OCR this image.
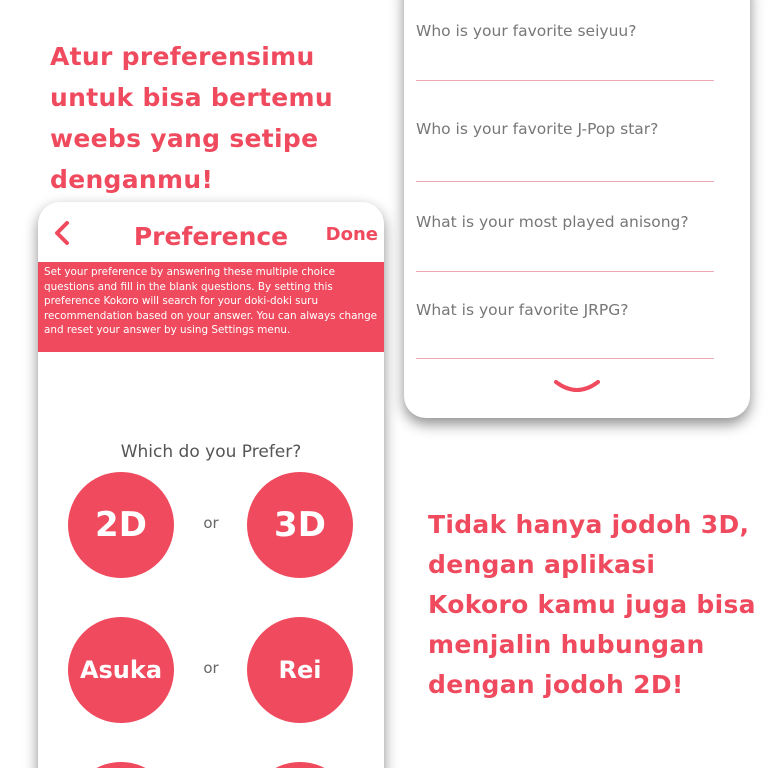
Atur preferensimu untuk bisa bertemu weebs yang setipe denganmu!
Tidak hanya jodoh 3D, dengan aplikasi Kokoro kamu juga bisa menjalin hubungan dengan jodoh 2D!
Who is your favorite seiyuu?
Who is your favorite J-Pop star?
What is your most played anisong?
What is your favorite JRPG?
Preference	Done
Set your preference by answering these multiple choice questions and fill in the blank questions. By setting this preference Kokoro will search for your doki-doki suru recommendation based on your answer. You can always change and reset your answer by using Settings menu.
Which do you Prefer?
2D	or	3D
Asuka	or	Rei
